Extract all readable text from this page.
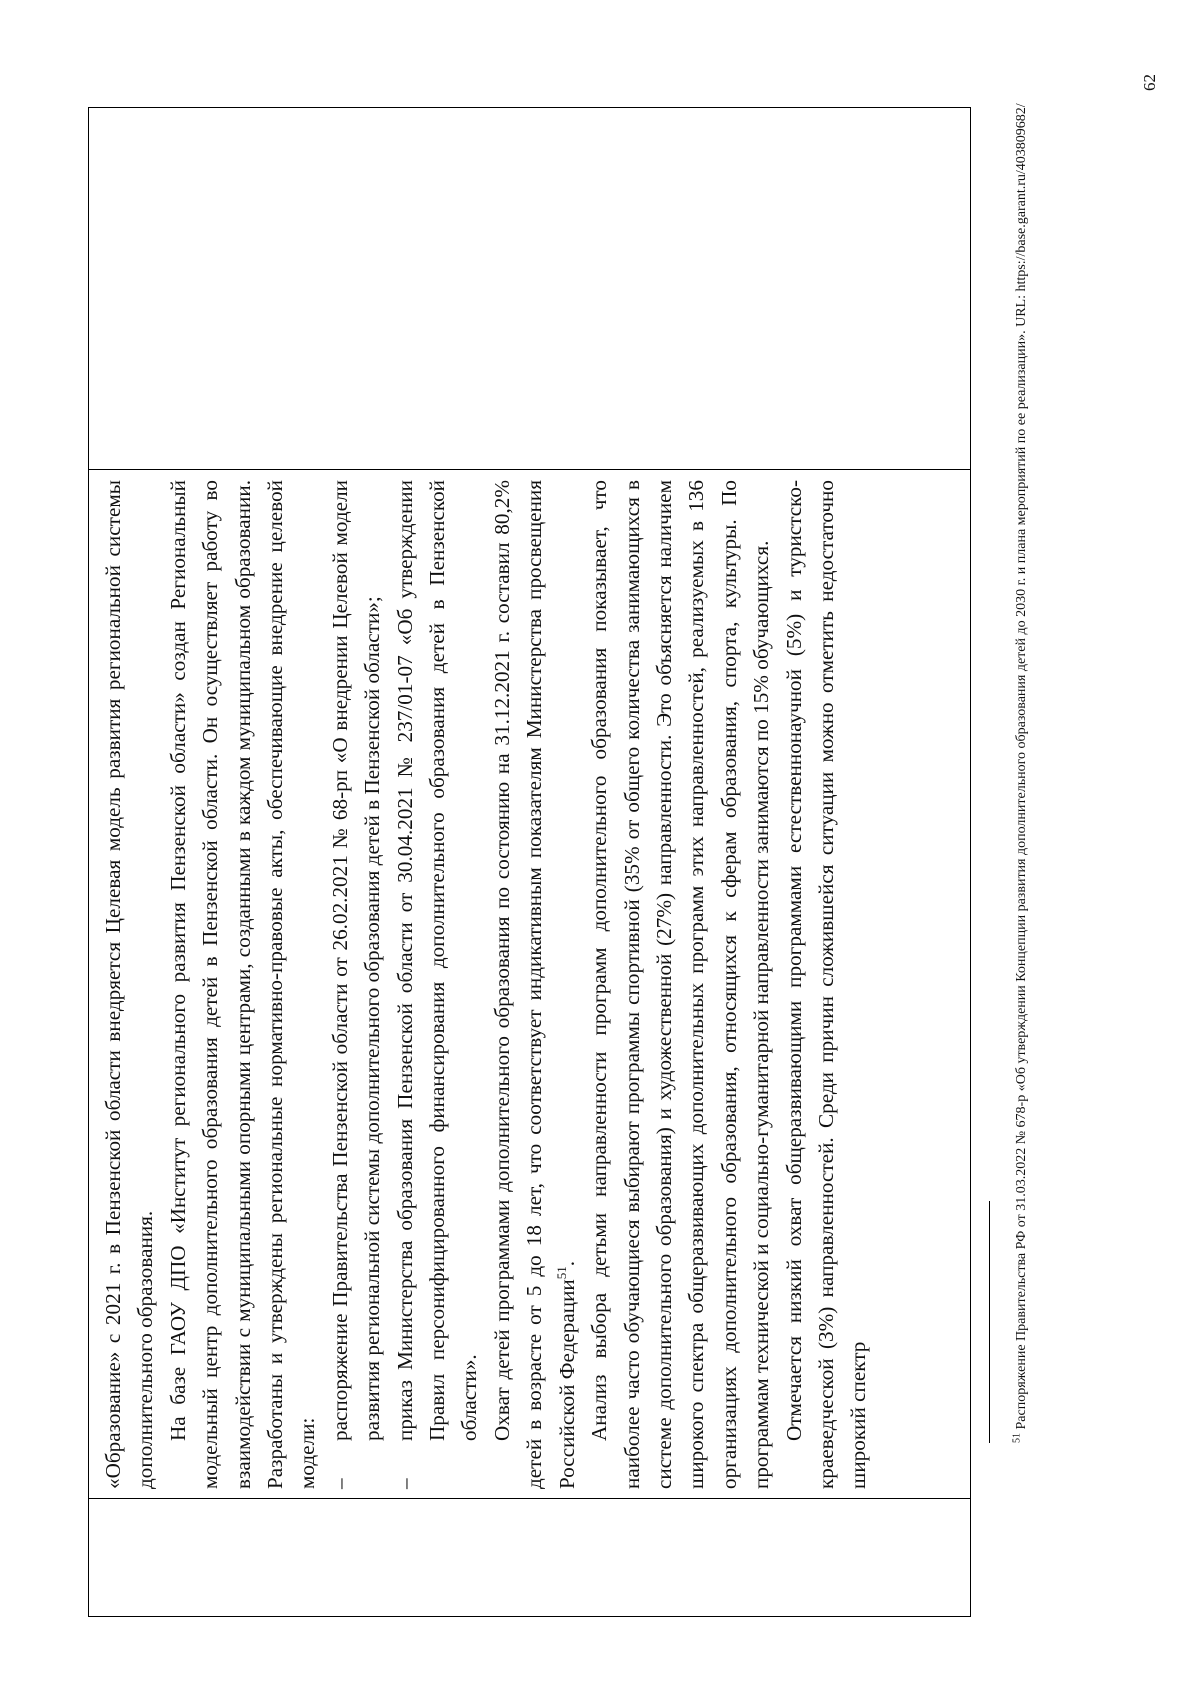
«Образование» с 2021 г. в Пензенской области внедряется Целевая модель развития региональной системы дополнительного образования. На базе ГАОУ ДПО «Институт регионального развития Пензенской области» создан Региональный модельный центр дополнительного образования детей в Пензенской области. Он осуществляет работу во взаимодействии с муниципальными опорными центрами, созданными в каждом муниципальном образовании. Разработаны и утверждены региональные нормативно-правовые акты, обеспечивающие внедрение целевой модели: –
распоряжение Правительства Пензенской области от 26.02.2021 № 68-рп «О внедрении Целевой модели развития региональной системы дополнительного образования детей в Пензенской области»;
–
приказ Министерства образования Пензенской области от 30.04.2021 № 237/01-07 «Об утверждении Правил персонифицированного финансирования дополнительного образования детей в Пензенской области». Охват детей программами дополнительного образования по состоянию на 31.12.2021 г. составил 80,2% детей в возрасте от 5 до 18 лет, что соответствует индикативным показателям Министерства просвещения Российской Федерации$^{51}$. Анализ выбора детьми направленности программ дополнительного образования показывает, что наиболее часто обучающиеся выбирают программы спортивной (35% от общего количества занимающихся в системе дополнительного образования) и художественной (27%) направленности. Это объясняется наличием широкого спектра общеразвивающих дополнительных программ этих направленностей, реализуемых в 136 организациях дополнительного образования, относящихся к сферам образования, спорта, культуры. По программам технической и социально-гуманитарной направленности занимаются по 15% обучающихся. Отмечается низкий охват общеразвивающими программами естественнонаучной (5%) и туристско-краеведческой (3%) направленностей. Среди причин сложившейся ситуации можно отметить недостаточно широкий спектр	$^{51}$ Распоряжение Правительства РФ от 31.03.2022 № 678-р «Об утверждении Концепции развития дополнительного образования детей до 2030 г. и плана мероприятий по ее реализации». URL: https://base.garant.ru/403809682/
62
